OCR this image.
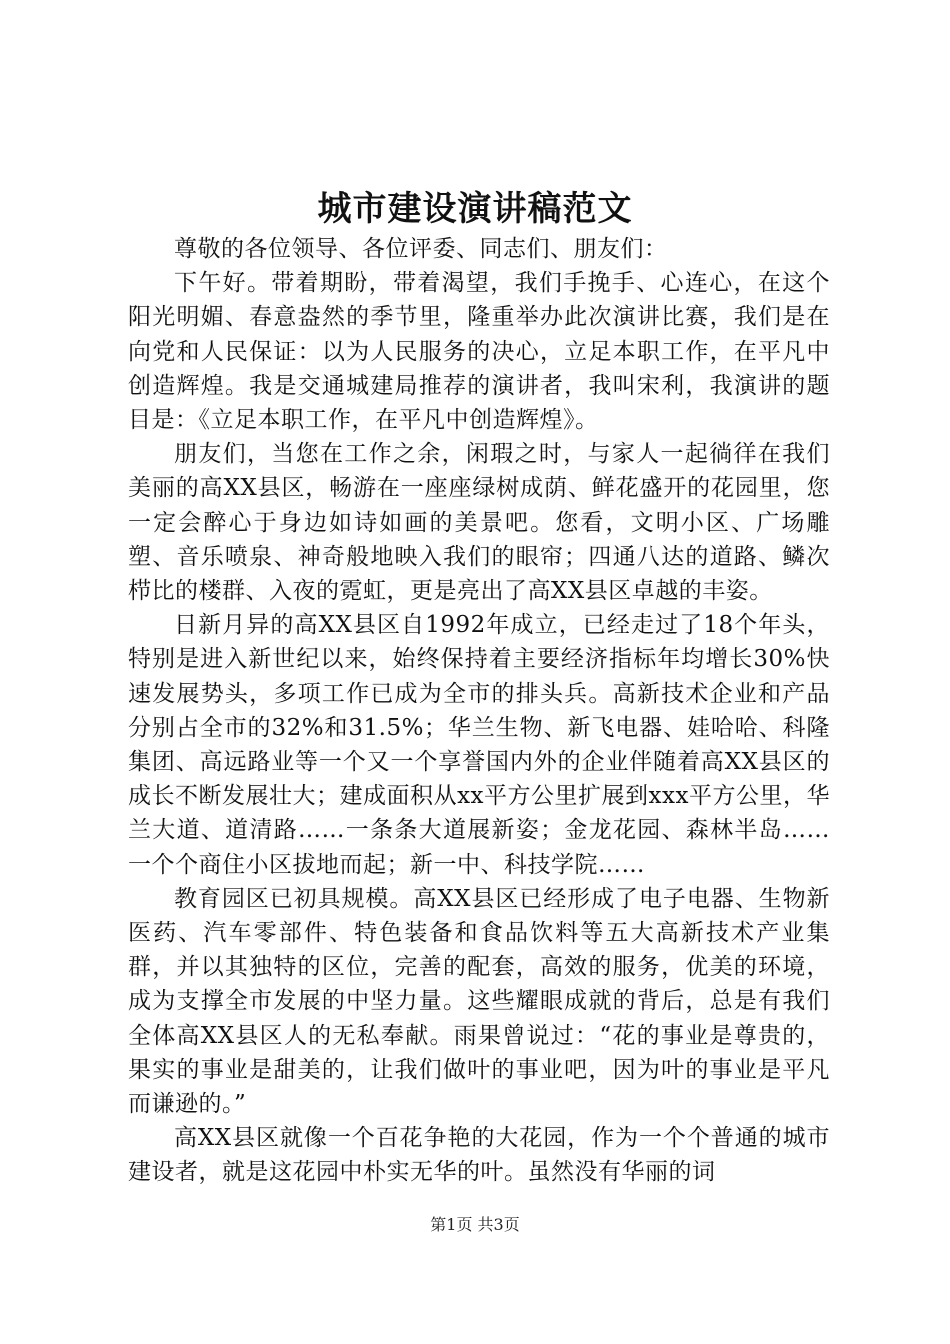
城市建设演讲稿范文

尊敬的各位领导、各位评委、同志们、朋友们：

下午好。带着期盼，带着渴望，我们手挽手、心连心，在这个阳光明媚、春意盎然的季节里，隆重举办此次演讲比赛，我们是在向党和人民保证：以为人民服务的决心，立足本职工作，在平凡中创造辉煌。我是交通城建局推荐的演讲者，我叫宋利，我演讲的题目是：《立足本职工作，在平凡中创造辉煌》。

朋友们，当您在工作之余，闲瑕之时，与家人一起徜徉在我们美丽的高XX县区，畅游在一座座绿树成荫、鲜花盛开的花园里，您一定会醉心于身边如诗如画的美景吧。您看，文明小区、广场雕塑、音乐喷泉、神奇般地映入我们的眼帘；四通八达的道路、鳞次栉比的楼群、入夜的霓虹，更是亮出了高XX县区卓越的丰姿。

日新月异的高XX县区自1992年成立，已经走过了18个年头，特别是进入新世纪以来，始终保持着主要经济指标年均增长30%快速发展势头，多项工作已成为全市的排头兵。高新技术企业和产品分别占全市的32%和31.5%；华兰生物、新飞电器、娃哈哈、科隆集团、高远路业等一个又一个享誉国内外的企业伴随着高XX县区的成长不断发展壮大；建成面积从xx平方公里扩展到xxx平方公里，华兰大道、道清路……一条条大道展新姿；金龙花园、森林半岛……一个个商住小区拔地而起；新一中、科技学院……

教育园区已初具规模。高XX县区已经形成了电子电器、生物新医药、汽车零部件、特色装备和食品饮料等五大高新技术产业集群，并以其独特的区位，完善的配套，高效的服务，优美的环境，成为支撑全市发展的中坚力量。这些耀眼成就的背后，总是有我们全体高XX县区人的无私奉献。雨果曾说过：“花的事业是尊贵的，果实的事业是甜美的，让我们做叶的事业吧，因为叶的事业是平凡而谦逊的。”

高XX县区就像一个百花争艳的大花园，作为一个个普通的城市建设者，就是这花园中朴实无华的叶。虽然没有华丽的词

第1页 共3页
